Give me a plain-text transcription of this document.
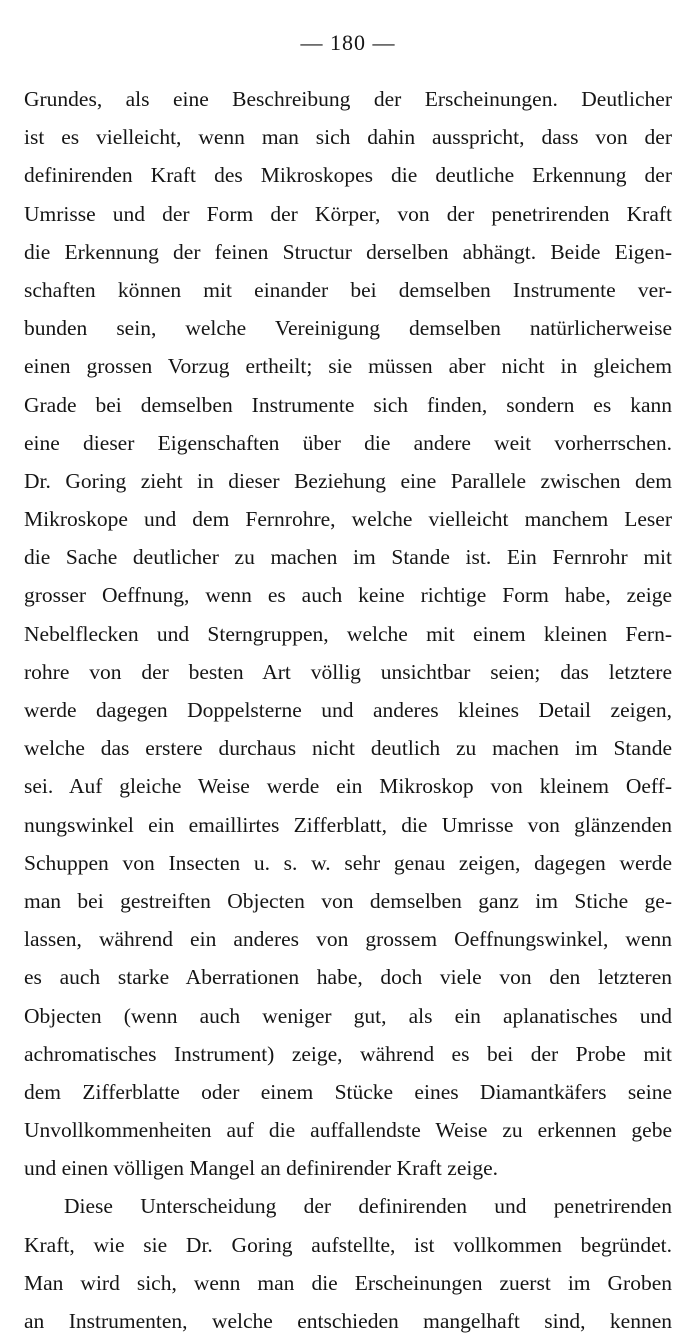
— 180 —
Grundes, als eine Beschreibung der Erscheinungen. Deutlicher
ist es vielleicht, wenn man sich dahin ausspricht, dass von der
definirenden Kraft des Mikroskopes die deutliche Erkennung der
Umrisse und der Form der Körper, von der penetrirenden Kraft
die Erkennung der feinen Structur derselben abhängt. Beide Eigen-
schaften können mit einander bei demselben Instrumente ver-
bunden sein, welche Vereinigung demselben natürlicherweise
einen grossen Vorzug ertheilt; sie müssen aber nicht in gleichem
Grade bei demselben Instrumente sich finden, sondern es kann
eine dieser Eigenschaften über die andere weit vorherrschen.
Dr. Goring zieht in dieser Beziehung eine Parallele zwischen dem
Mikroskope und dem Fernrohre, welche vielleicht manchem Leser
die Sache deutlicher zu machen im Stande ist. Ein Fernrohr mit
grosser Oeffnung, wenn es auch keine richtige Form habe, zeige
Nebelflecken und Sterngruppen, welche mit einem kleinen Fern-
rohre von der besten Art völlig unsichtbar seien; das letztere
werde dagegen Doppelsterne und anderes kleines Detail zeigen,
welche das erstere durchaus nicht deutlich zu machen im Stande
sei. Auf gleiche Weise werde ein Mikroskop von kleinem Oeff-
nungswinkel ein emaillirtes Zifferblatt, die Umrisse von glänzenden
Schuppen von Insecten u. s. w. sehr genau zeigen, dagegen werde
man bei gestreiften Objecten von demselben ganz im Stiche ge-
lassen, während ein anderes von grossem Oeffnungswinkel, wenn
es auch starke Aberrationen habe, doch viele von den letzteren
Objecten (wenn auch weniger gut, als ein aplanatisches und
achromatisches Instrument) zeige, während es bei der Probe mit
dem Zifferblatte oder einem Stücke eines Diamantkäfers seine
Unvollkommenheiten auf die auffallendste Weise zu erkennen gebe
und einen völligen Mangel an definirender Kraft zeige.
Diese Unterscheidung der definirenden und penetrirenden
Kraft, wie sie Dr. Goring aufstellte, ist vollkommen begründet.
Man wird sich, wenn man die Erscheinungen zuerst im Groben
an Instrumenten, welche entschieden mangelhaft sind, kennen
